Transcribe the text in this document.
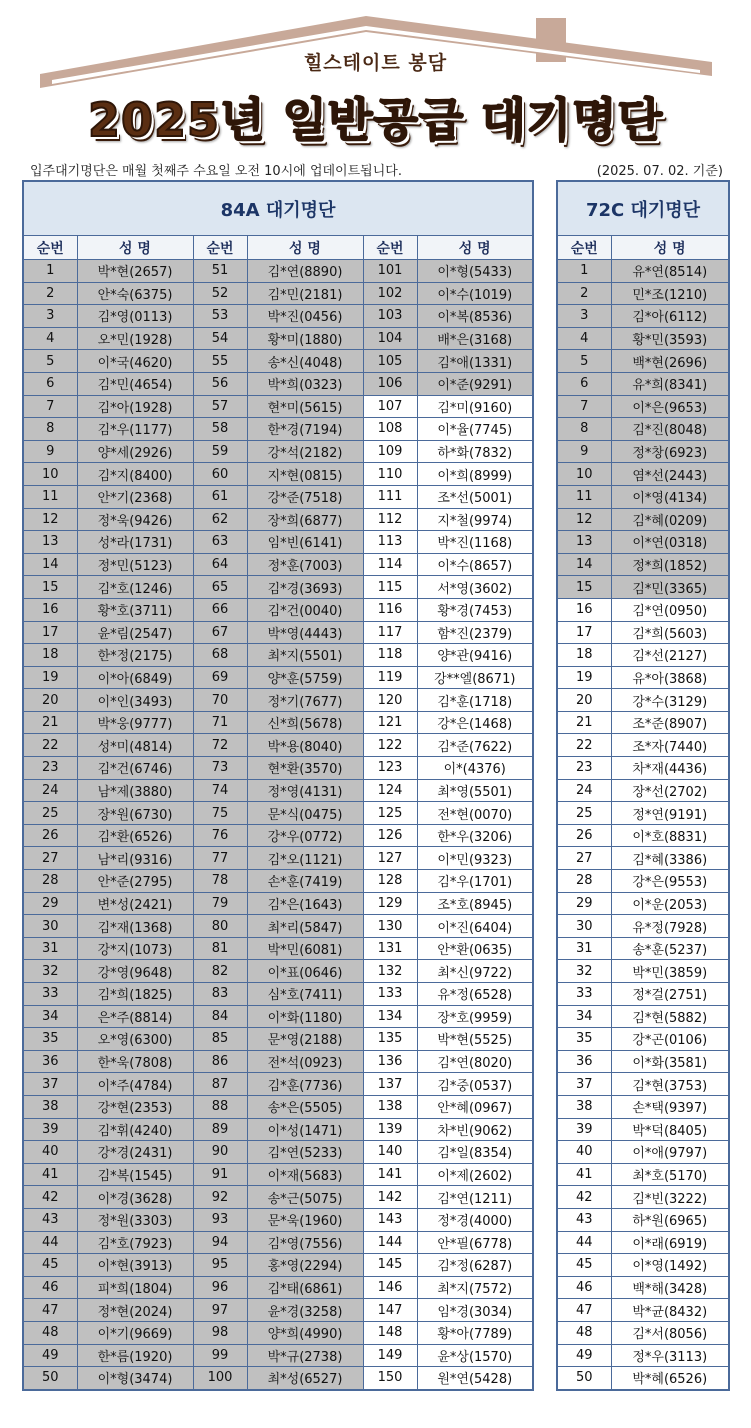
힐스테이트 봉담
2025년 일반공급 대기명단
입주대기명단은 매월 첫째주 수요일 오전 10시에 업데이트됩니다.	(2025. 07. 02. 기준)
84A 대기명단					
순번	성 명	순번	성 명	순번	성 명
1	박*현(2657)	51	김*연(8890)	101	이*형(5433)
2	안*숙(6375)	52	김*민(2181)	102	이*수(1019)
3	김*영(0113)	53	박*진(0456)	103	이*복(8536)
4	오*민(1928)	54	황*미(1880)	104	배*은(3168)
5	이*국(4620)	55	송*신(4048)	105	김*애(1331)
6	김*민(4654)	56	박*희(0323)	106	이*준(9291)
7	김*아(1928)	57	현*미(5615)	107	김*미(9160)
8	김*우(1177)	58	한*경(7194)	108	이*율(7745)
9	양*세(2926)	59	강*석(2182)	109	하*화(7832)
10	김*지(8400)	60	지*현(0815)	110	이*희(8999)
11	안*기(2368)	61	강*준(7518)	111	조*선(5001)
12	정*욱(9426)	62	장*희(6877)	112	지*철(9974)
13	성*라(1731)	63	임*빈(6141)	113	박*진(1168)
14	정*민(5123)	64	정*훈(7003)	114	이*수(8657)
15	김*호(1246)	65	김*경(3693)	115	서*영(3602)
16	황*호(3711)	66	김*건(0040)	116	황*경(7453)
17	윤*림(2547)	67	박*영(4443)	117	함*진(2379)
18	한*정(2175)	68	최*지(5501)	118	양*관(9416)
19	이*아(6849)	69	양*훈(5759)	119	강**엘(8671)
20	이*인(3493)	70	정*기(7677)	120	김*훈(1718)
21	박*웅(9777)	71	신*희(5678)	121	강*은(1468)
22	성*미(4814)	72	박*용(8040)	122	김*준(7622)
23	김*건(6746)	73	현*환(3570)	123	이*(4376)
24	남*제(3880)	74	정*영(4131)	124	최*영(5501)
25	장*원(6730)	75	문*식(0475)	125	전*현(0070)
26	김*환(6526)	76	강*우(0772)	126	한*우(3206)
27	남*리(9316)	77	김*오(1121)	127	이*민(9323)
28	안*준(2795)	78	손*훈(7419)	128	김*우(1701)
29	변*성(2421)	79	김*은(1643)	129	조*호(8945)
30	김*재(1368)	80	최*리(5847)	130	이*진(6404)
31	강*지(1073)	81	박*민(6081)	131	안*환(0635)
32	강*영(9648)	82	이*표(0646)	132	최*신(9722)
33	김*희(1825)	83	심*호(7411)	133	유*정(6528)
34	은*주(8814)	84	이*화(1180)	134	장*호(9959)
35	오*영(6300)	85	문*영(2188)	135	박*현(5525)
36	한*욱(7808)	86	전*석(0923)	136	김*연(8020)
37	이*주(4784)	87	김*훈(7736)	137	김*중(0537)
38	강*현(2353)	88	송*은(5505)	138	안*혜(0967)
39	김*휘(4240)	89	이*성(1471)	139	차*빈(9062)
40	강*경(2431)	90	김*연(5233)	140	김*일(8354)
41	김*복(1545)	91	이*재(5683)	141	이*제(2602)
42	이*경(3628)	92	송*근(5075)	142	김*연(1211)
43	정*원(3303)	93	문*욱(1960)	143	정*경(4000)
44	김*호(7923)	94	김*영(7556)	144	안*필(6778)
45	이*현(3913)	95	홍*영(2294)	145	김*정(6287)
46	피*희(1804)	96	김*태(6861)	146	최*지(7572)
47	정*현(2024)	97	윤*경(3258)	147	임*경(3034)
48	이*기(9669)	98	양*희(4990)	148	황*아(7789)
49	한*름(1920)	99	박*규(2738)	149	윤*상(1570)
50	이*형(3474)	100	최*성(6527)	150	원*연(5428)
72C 대기명단	
순번	성 명
1	유*연(8514)
2	민*조(1210)
3	김*아(6112)
4	황*민(3593)
5	백*현(2696)
6	유*희(8341)
7	이*은(9653)
8	김*진(8048)
9	정*창(6923)
10	염*선(2443)
11	이*영(4134)
12	김*혜(0209)
13	이*연(0318)
14	정*희(1852)
15	김*민(3365)
16	김*연(0950)
17	김*희(5603)
18	김*선(2127)
19	유*아(3868)
20	강*수(3129)
21	조*준(8907)
22	조*자(7440)
23	차*재(4436)
24	장*선(2702)
25	정*연(9191)
26	이*호(8831)
27	김*혜(3386)
28	강*은(9553)
29	이*운(2053)
30	유*정(7928)
31	송*훈(5237)
32	박*민(3859)
33	정*걸(2751)
34	김*현(5882)
35	강*곤(0106)
36	이*화(3581)
37	김*현(3753)
38	손*택(9397)
39	박*덕(8405)
40	이*애(9797)
41	최*호(5170)
42	김*빈(3222)
43	하*원(6965)
44	이*래(6919)
45	이*영(1492)
46	백*해(3428)
47	박*균(8432)
48	김*서(8056)
49	정*우(3113)
50	박*혜(6526)
